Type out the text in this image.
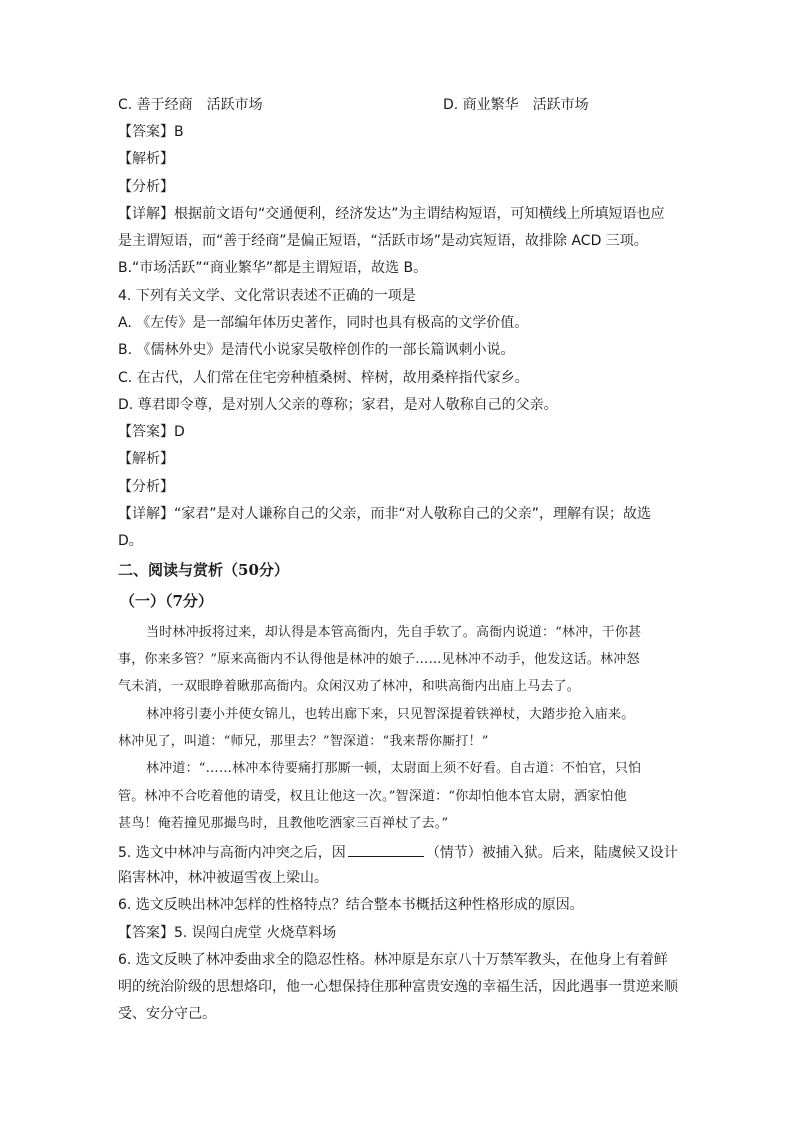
C. 善于经商　活跃市场	D. 商业繁华　活跃市场
【答案】B
【解析】
【分析】
【详解】根据前文语句“交通便利，经济发达”为主谓结构短语，可知横线上所填短语也应
是主谓短语，而“善于经商”是偏正短语，“活跃市场”是动宾短语，故排除 ACD 三项。
B.“市场活跃”“商业繁华”都是主谓短语，故选 B。
4. 下列有关文学、文化常识表述不正确的一项是
A. 《左传》是一部编年体历史著作，同时也具有极高的文学价值。
B. 《儒林外史》是清代小说家吴敬梓创作的一部长篇讽刺小说。
C. 在古代，人们常在住宅旁种植桑树、梓树，故用桑梓指代家乡。
D. 尊君即令尊，是对别人父亲的尊称；家君，是对人敬称自己的父亲。
【答案】D
【解析】
【分析】
【详解】“家君”是对人谦称自己的父亲，而非“对人敬称自己的父亲”，理解有误；故选
D。
二、阅读与赏析（50分）
（一）（7分）
当时林冲扳将过来，却认得是本管高衙内，先自手软了。高衙内说道：“林冲，干你甚
事，你来多管？”原来高衙内不认得他是林冲的娘子……见林冲不动手，他发这话。林冲怒
气未消，一双眼睁着瞅那高衙内。众闲汉劝了林冲，和哄高衙内出庙上马去了。
林冲将引妻小并使女锦儿，也转出廊下来，只见智深提着铁禅杖，大踏步抢入庙来。
林冲见了，叫道：“师兄，那里去？”智深道：“我来帮你厮打！”
林冲道：“……林冲本待要痛打那厮一顿，太尉面上须不好看。自古道：不怕官，只怕
管。林冲不合吃着他的请受，权且让他这一次。”智深道：“你却怕他本官太尉，洒家怕他
甚鸟！俺若撞见那撮鸟时，且教他吃洒家三百禅杖了去。”
5. 选文中林冲与高衙内冲突之后，因	（情节）被捕入狱。后来，陆虞候又设计
陷害林冲，林冲被逼雪夜上梁山。
6. 选文反映出林冲怎样的性格特点？结合整本书概括这种性格形成的原因。
【答案】5. 误闯白虎堂 火烧草料场
6. 选文反映了林冲委曲求全的隐忍性格。林冲原是东京八十万禁军教头，在他身上有着鲜
明的统治阶级的思想烙印，他一心想保持住那种富贵安逸的幸福生活，因此遇事一贯逆来顺
受、安分守己。
